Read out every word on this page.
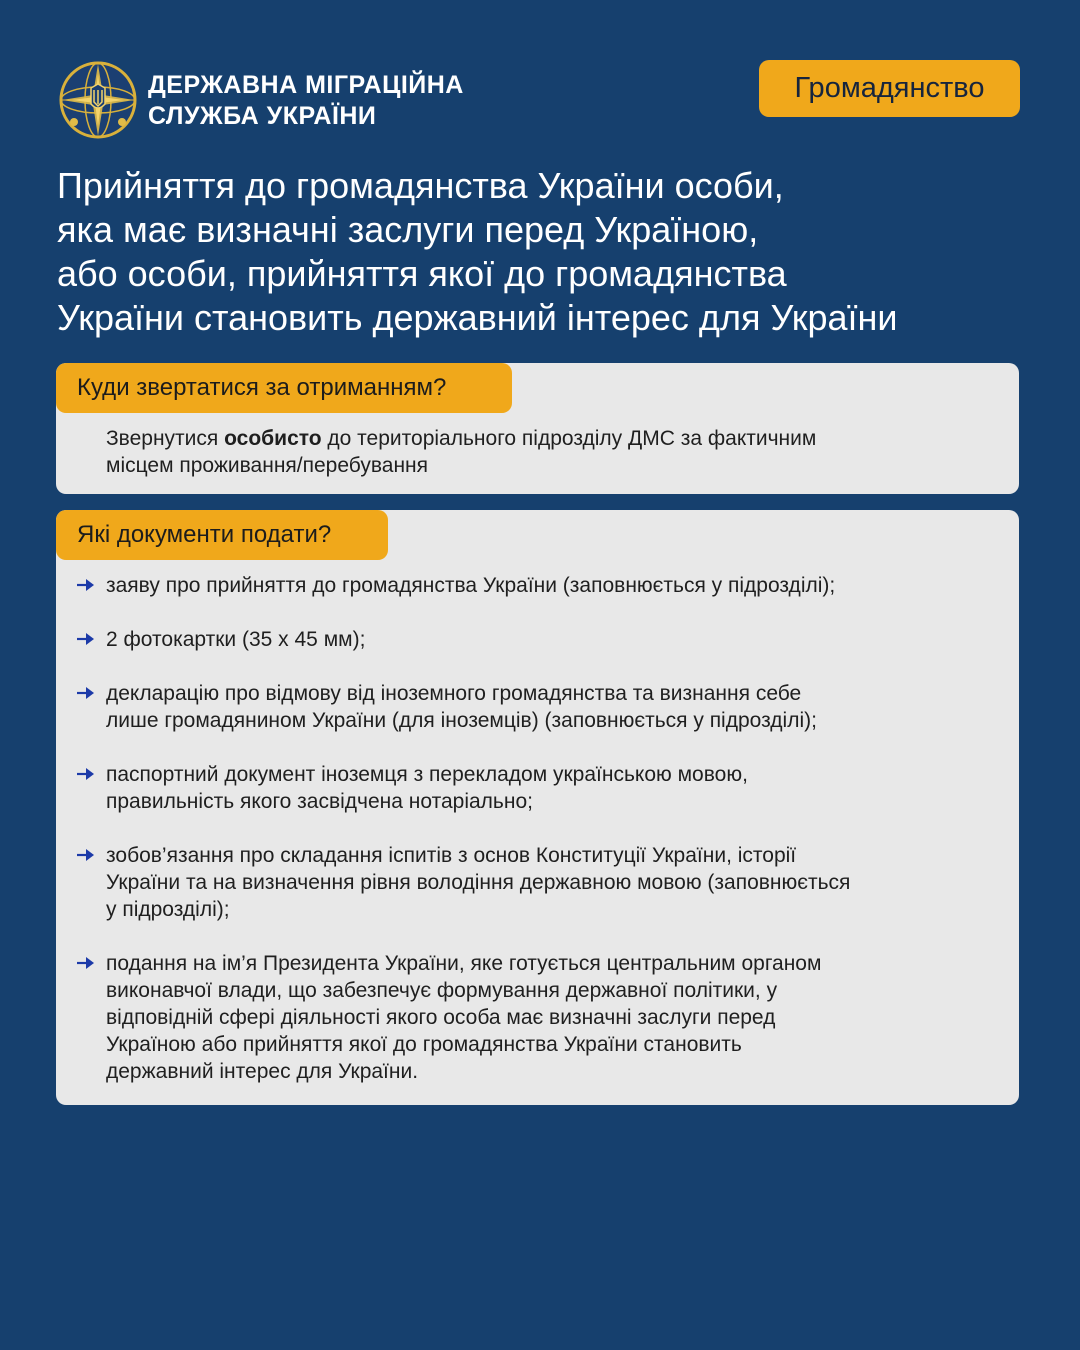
ДЕРЖАВНА МІГРАЦІЙНА
СЛУЖБА УКРАЇНИ
Громадянство
Прийняття до громадянства України особи,
яка має визначні заслуги перед Україною,
або особи, прийняття якої до громадянства
України становить державний інтерес для України
Куди звертатися за отриманням?

Звернутися особисто до територіального підрозділу ДМС за фактичним
місцем проживання/перебування

Які документи подати?
заяву про прийняття до громадянства України (заповнюється у підрозділі);
2 фотокартки (35 х 45 мм);
декларацію про відмову від іноземного громадянства та визнання себе
лише громадянином України (для іноземців) (заповнюється у підрозділі);
паспортний документ іноземця з перекладом українською мовою,
правильність якого засвідчена нотаріально;
зобов’язання про складання іспитів з основ Конституції України, історії
України та на визначення рівня володіння державною мовою (заповнюється
у підрозділі);
подання на ім’я Президента України, яке готується центральним органом
виконавчої влади, що забезпечує формування державної політики, у
відповідній сфері діяльності якого особа має визначні заслуги перед
Україною або прийняття якої до громадянства України становить
державний інтерес для України.
